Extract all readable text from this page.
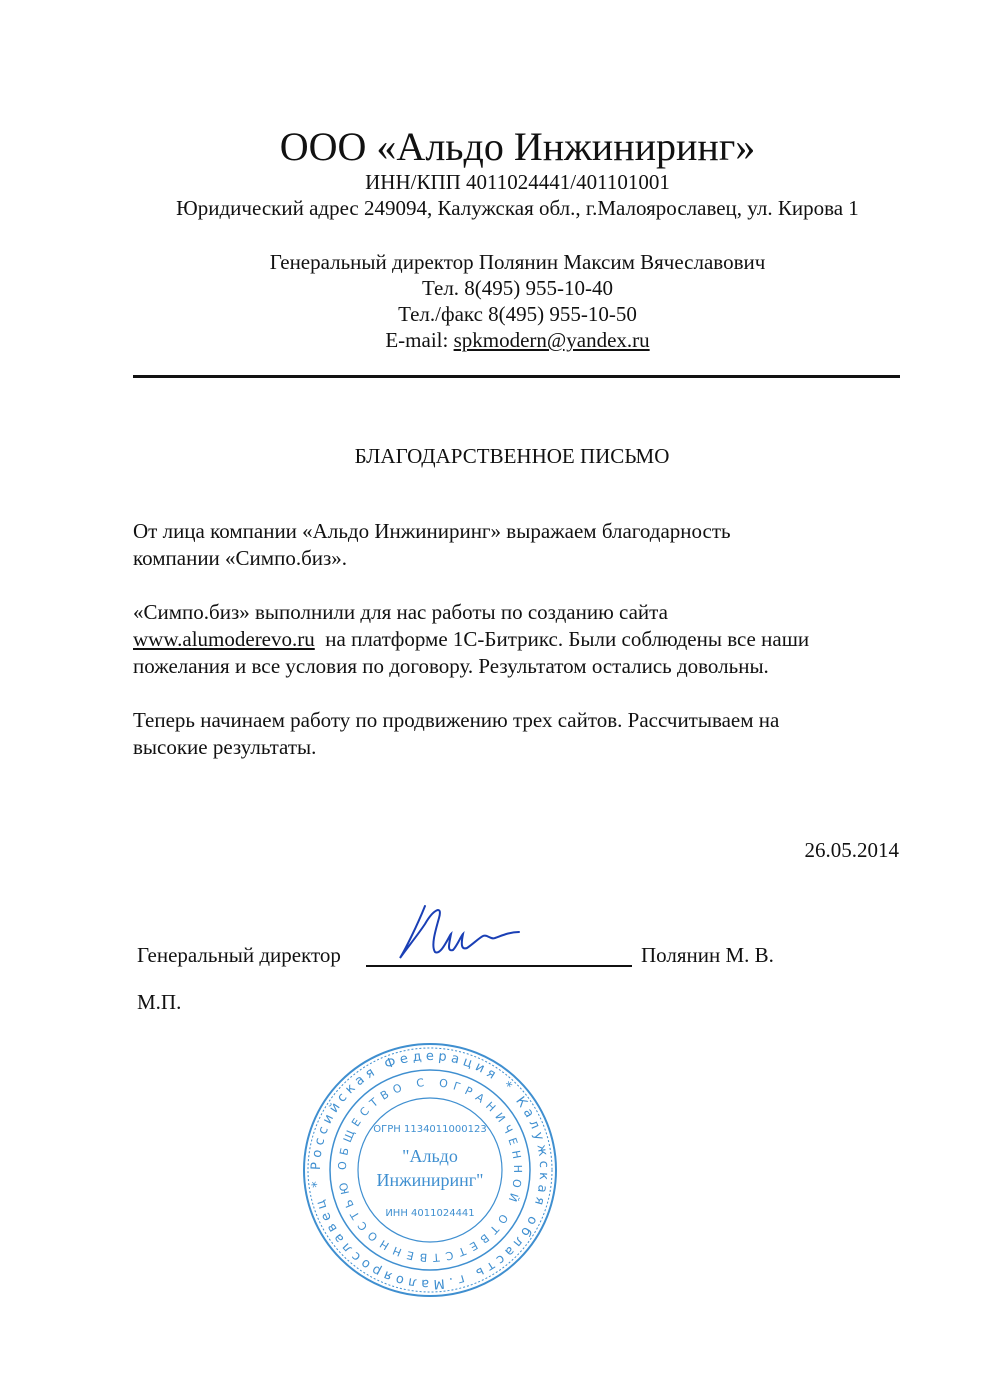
ООО «Альдо Инжиниринг»
ИНН/КПП 4011024441/401101001
Юридический адрес 249094, Калужская обл., г.Малоярославец, ул. Кирова 1
Генеральный директор Полянин Максим Вячеславович
Тел. 8(495) 955-10-40
Тел./факс 8(495) 955-10-50
E-mail: spkmodern@yandex.ru
БЛАГОДАРСТВЕННОЕ ПИСЬМО
От лица компании «Альдо Инжиниринг» выражаем благодарность
компании «Симпо.биз».
«Симпо.биз» выполнили для нас работы по созданию сайта
www.alumoderevo.ru  на платформе 1С-Битрикс. Были соблюдены все наши
пожелания и все условия по договору. Результатом остались довольны.
Теперь начинаем работу по продвижению трех сайтов. Рассчитываем на
высокие результаты.
26.05.2014
Генеральный директор	Полянин М. В.
М.П.
Российская Федерация * Калужская область г.Малоярославец *
ОБЩЕСТВО С ОГРАНИЧЕННОЙ ОТВЕТСТВЕННОСТЬЮ
ОГРН 1134011000123
"Альдо
Инжиниринг"
ИНН 4011024441
